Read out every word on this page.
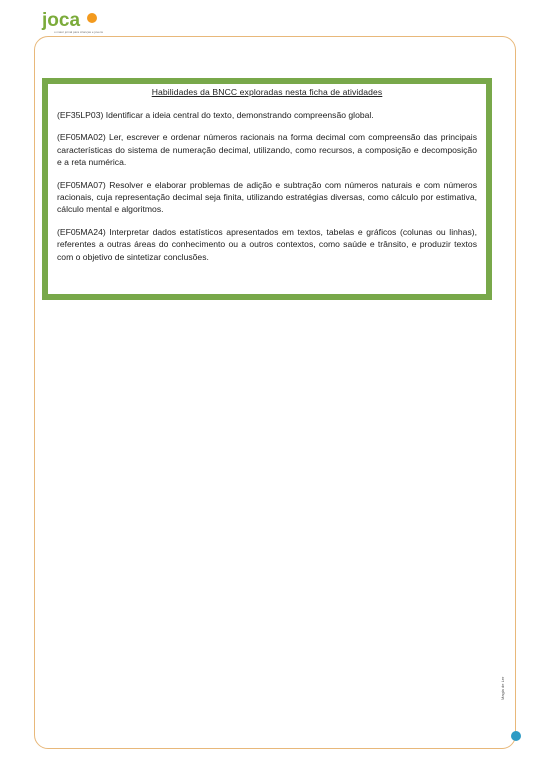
joca
o maior jornal para crianças e jovens

Habilidades da BNCC exploradas nesta ficha de atividades

(EF35LP03) Identificar a ideia central do texto, demonstrando compreensão global.

(EF05MA02) Ler, escrever e ordenar números racionais na forma decimal com compreensão das principais características do sistema de numeração decimal, utilizando, como recursos, a composição e decomposição e a reta numérica.

(EF05MA07) Resolver e elaborar problemas de adição e subtração com números naturais e com números racionais, cuja representação decimal seja finita, utilizando estratégias diversas, como cálculo por estimativa, cálculo mental e algoritmos.

(EF05MA24) Interpretar dados estatísticos apresentados em textos, tabelas e gráficos (colunas ou linhas), referentes a outras áreas do conhecimento ou a outros contextos, como saúde e trânsito, e produzir textos com o objetivo de sintetizar conclusões.

Magia de Ler
